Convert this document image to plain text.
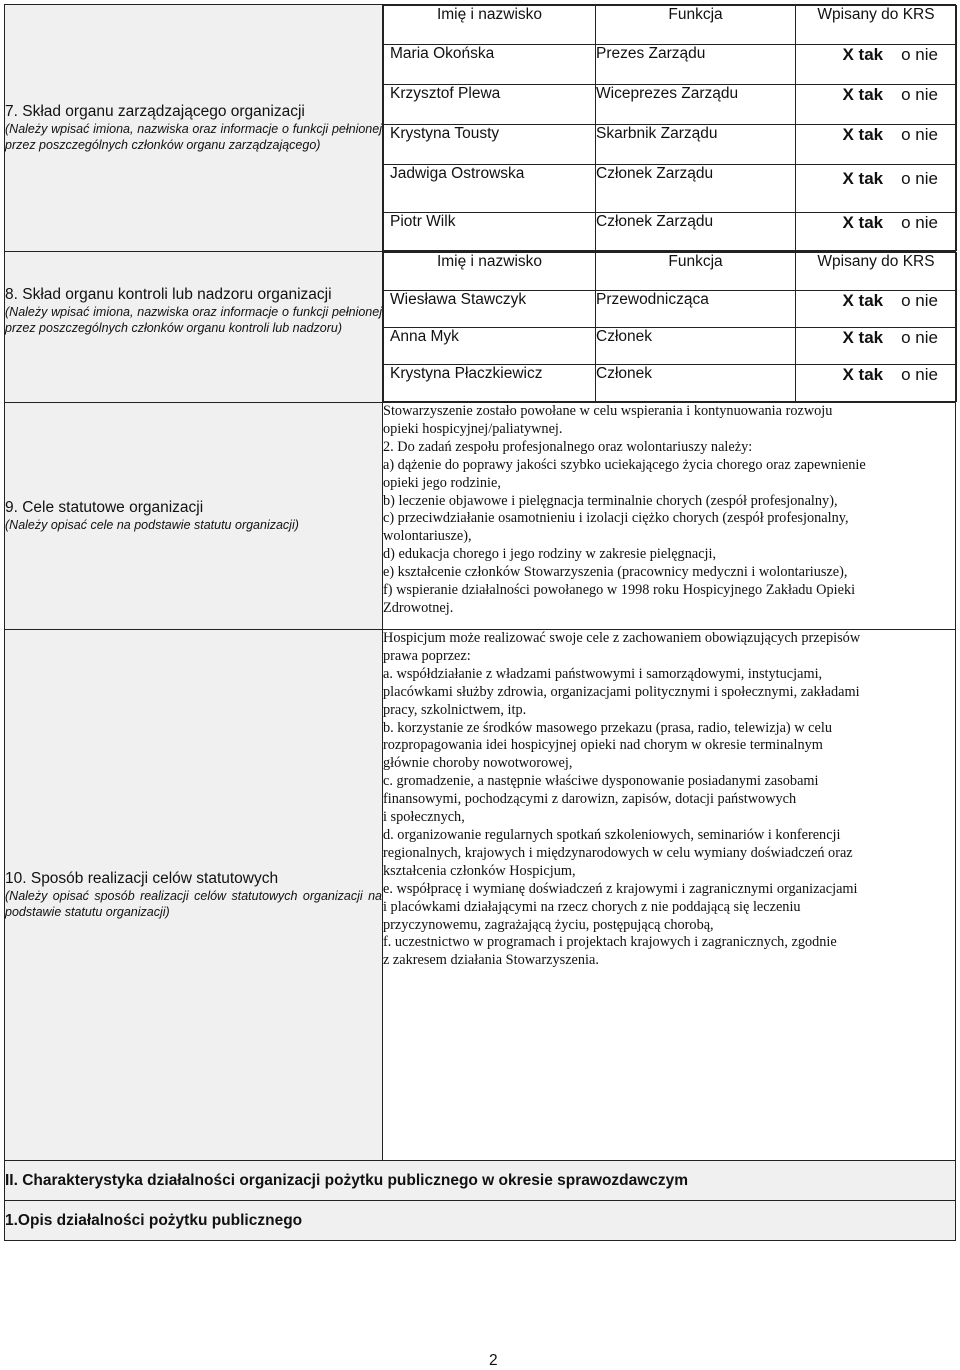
7. Skład organu zarządzającego organizacji
(Należy wpisać imiona, nazwiska oraz informacje o funkcji pełnionej przez poszczególnych członków organu zarządzającego)

Imię i nazwisko	Funkcja	Wpisany do KRS
Maria Okońska	Prezes Zarządu	X tak o nie
Krzysztof Plewa	Wiceprezes Zarządu	X tak o nie
Krystyna Tousty	Skarbnik Zarządu	X tak o nie
Jadwiga Ostrowska	Członek Zarządu	X tak o nie
Piotr Wilk	Członek Zarządu	X tak o nie

8. Skład organu kontroli lub nadzoru organizacji
(Należy wpisać imiona, nazwiska oraz informacje o funkcji pełnionej przez poszczególnych członków organu kontroli lub nadzoru)

Imię i nazwisko	Funkcja	Wpisany do KRS
Wiesława Stawczyk	Przewodnicząca	X tak o nie
Anna Myk	Członek	X tak o nie
Krystyna Płaczkiewicz	Członek	X tak o nie

9. Cele statutowe organizacji
(Należy opisać cele na podstawie statutu organizacji)

Stowarzyszenie zostało powołane w celu wspierania i kontynuowania rozwoju

opieki hospicyjnej/paliatywnej.

2. Do zadań zespołu profesjonalnego oraz wolontariuszy należy:

a) dążenie do poprawy jakości szybko uciekającego życia chorego oraz zapewnienie

opieki jego rodzinie,

b) leczenie objawowe i pielęgnacja terminalnie chorych (zespół profesjonalny),

c) przeciwdziałanie osamotnieniu i izolacji ciężko chorych (zespół profesjonalny,

wolontariusze),

d) edukacja chorego i jego rodziny w zakresie pielęgnacji,

e) kształcenie członków Stowarzyszenia (pracownicy medyczni i wolontariusze),

f) wspieranie działalności powołanego w 1998 roku Hospicyjnego Zakładu Opieki

Zdrowotnej.

10. Sposób realizacji celów statutowych
(Należy opisać sposób realizacji celów statutowych organizacji na podstawie statutu organizacji)

Hospicjum może realizować swoje cele z zachowaniem obowiązujących przepisów

prawa poprzez:

a. współdziałanie z władzami państwowymi i samorządowymi, instytucjami,

placówkami służby zdrowia, organizacjami politycznymi i społecznymi, zakładami

pracy, szkolnictwem, itp.

b. korzystanie ze środków masowego przekazu (prasa, radio, telewizja) w celu

rozpropagowania idei hospicyjnej opieki nad chorym w okresie terminalnym

głównie choroby nowotworowej,

c. gromadzenie, a następnie właściwe dysponowanie posiadanymi zasobami

finansowymi, pochodzącymi z darowizn, zapisów, dotacji państwowych

i społecznych,

d. organizowanie regularnych spotkań szkoleniowych, seminariów i konferencji

regionalnych, krajowych i międzynarodowych w celu wymiany doświadczeń oraz

kształcenia członków Hospicjum,

e. współpracę i wymianę doświadczeń z krajowymi i zagranicznymi organizacjami

i placówkami działającymi na rzecz chorych z nie poddającą się leczeniu

przyczynowemu, zagrażającą życiu, postępującą chorobą,

f. uczestnictwo w programach i projektach krajowych i zagranicznych, zgodnie

z zakresem działania Stowarzyszenia.

II. Charakterystyka działalności organizacji pożytku publicznego w okresie sprawozdawczym
1.Opis działalności pożytku publicznego
2
